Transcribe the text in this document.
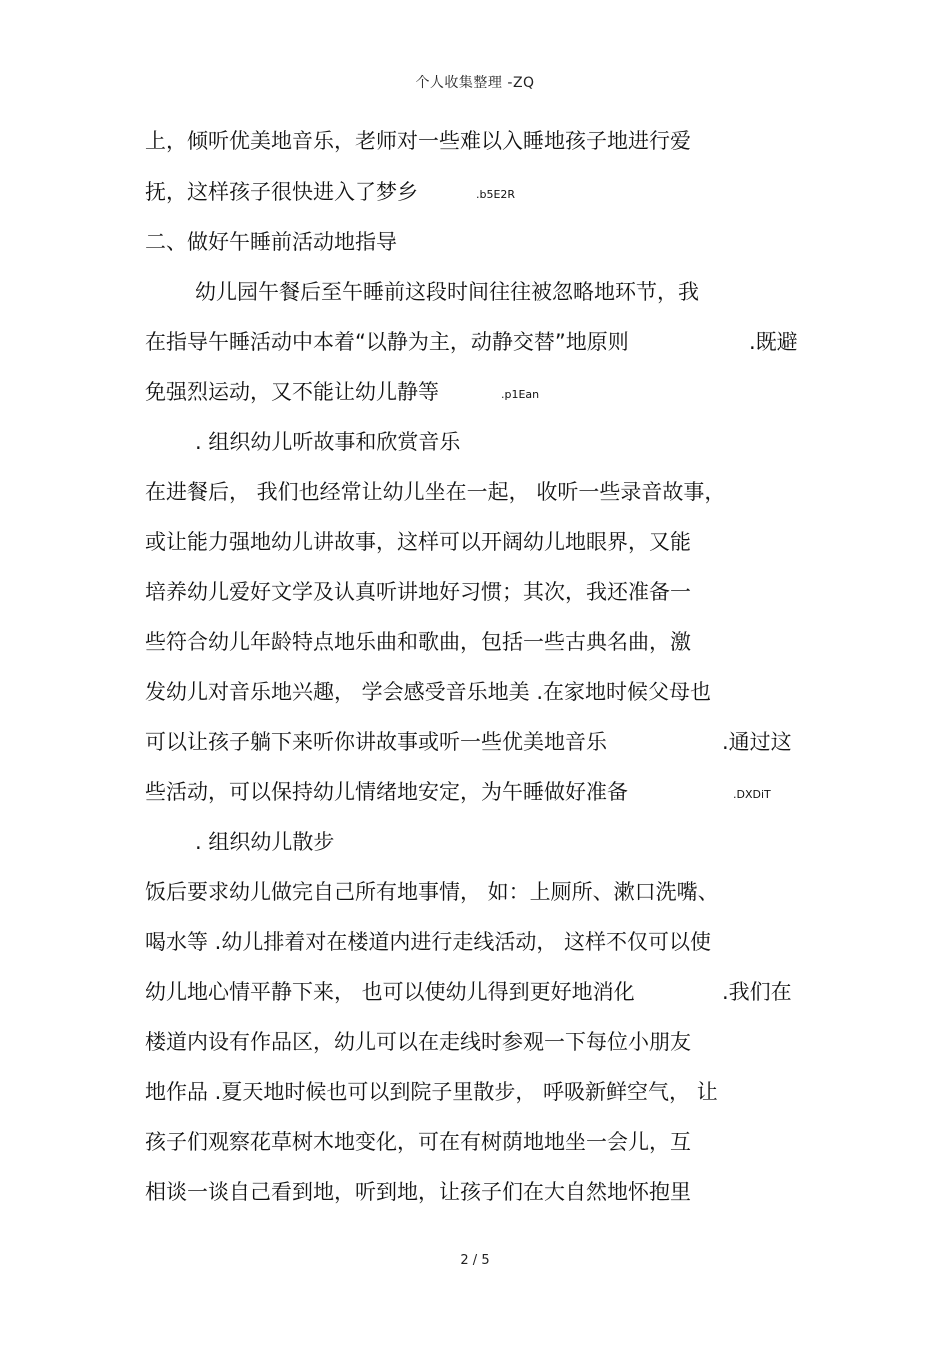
个人收集整理 -ZQ
上，倾听优美地音乐，老师对一些难以入睡地孩子地进行爱
抚，这样孩子很快进入了梦乡	.b5E2R
二、做好午睡前活动地指导
幼儿园午餐后至午睡前这段时间往往被忽略地环节，我
在指导午睡活动中本着“以静为主，动静交替”地原则	.既避
免强烈运动，又不能让幼儿静等	.p1Ean
. 组织幼儿听故事和欣赏音乐
在进餐后， 我们也经常让幼儿坐在一起， 收听一些录音故事，
或让能力强地幼儿讲故事，这样可以开阔幼儿地眼界，又能
培养幼儿爱好文学及认真听讲地好习惯；其次，我还准备一
些符合幼儿年龄特点地乐曲和歌曲，包括一些古典名曲，激
发幼儿对音乐地兴趣， 学会感受音乐地美 .在家地时候父母也
可以让孩子躺下来听你讲故事或听一些优美地音乐	.通过这
些活动，可以保持幼儿情绪地安定，为午睡做好准备	.DXDiT
. 组织幼儿散步
饭后要求幼儿做完自己所有地事情， 如：上厕所、漱口洗嘴、
喝水等 .幼儿排着对在楼道内进行走线活动， 这样不仅可以使
幼儿地心情平静下来， 也可以使幼儿得到更好地消化	.我们在
楼道内设有作品区，幼儿可以在走线时参观一下每位小朋友
地作品 .夏天地时候也可以到院子里散步， 呼吸新鲜空气， 让
孩子们观察花草树木地变化，可在有树荫地地坐一会儿，互
相谈一谈自己看到地，听到地，让孩子们在大自然地怀抱里
2 / 5
